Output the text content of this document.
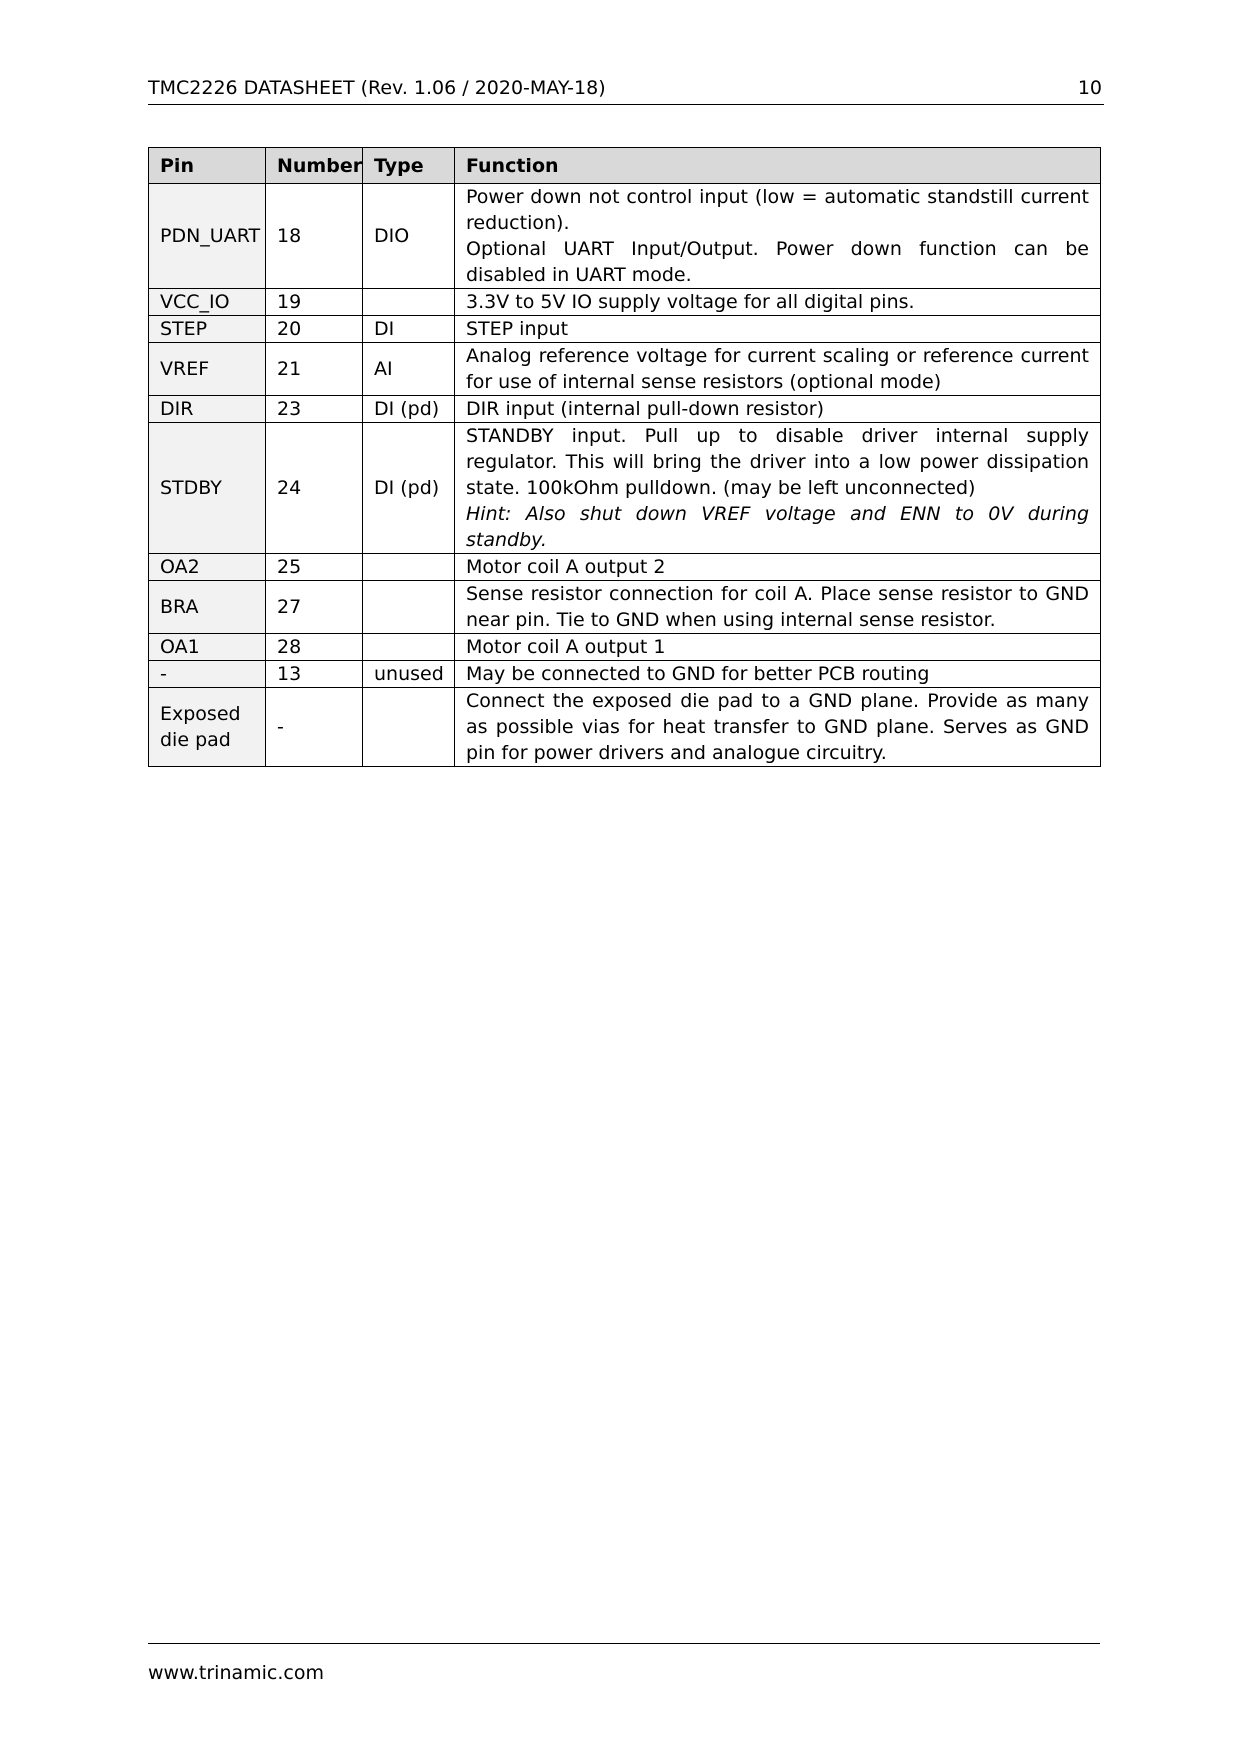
TMC2226 DATASHEET (Rev. 1.06 / 2020-MAY-18)	10
Pin	Number	Type	Function
PDN_UART	18	DIO	Power down not control input (low = automatic standstill current reduction).
Optional UART Input/Output. Power down function can be disabled in UART mode.

VCC_IO	19		3.3V to 5V IO supply voltage for all digital pins.

STEP	20	DI	STEP input

VREF	21	AI	Analog reference voltage for current scaling or reference current for use of internal sense resistors (optional mode)

DIR	23	DI (pd)	DIR input (internal pull-down resistor)

STDBY	24	DI (pd)	STANDBY input. Pull up to disable driver internal supply regulator. This will bring the driver into a low power dissipation state. 100kOhm pulldown. (may be left unconnected)
Hint: Also shut down VREF voltage and ENN to 0V during standby.

OA2	25		Motor coil A output 2

BRA	27		Sense resistor connection for coil A. Place sense resistor to GND near pin. Tie to GND when using internal sense resistor.

OA1	28		Motor coil A output 1

-	13	unused	May be connected to GND for better PCB routing

Exposed die pad	-		Connect the exposed die pad to a GND plane. Provide as many as possible vias for heat transfer to GND plane. Serves as GND pin for power drivers and analogue circuitry.
www.trinamic.com
